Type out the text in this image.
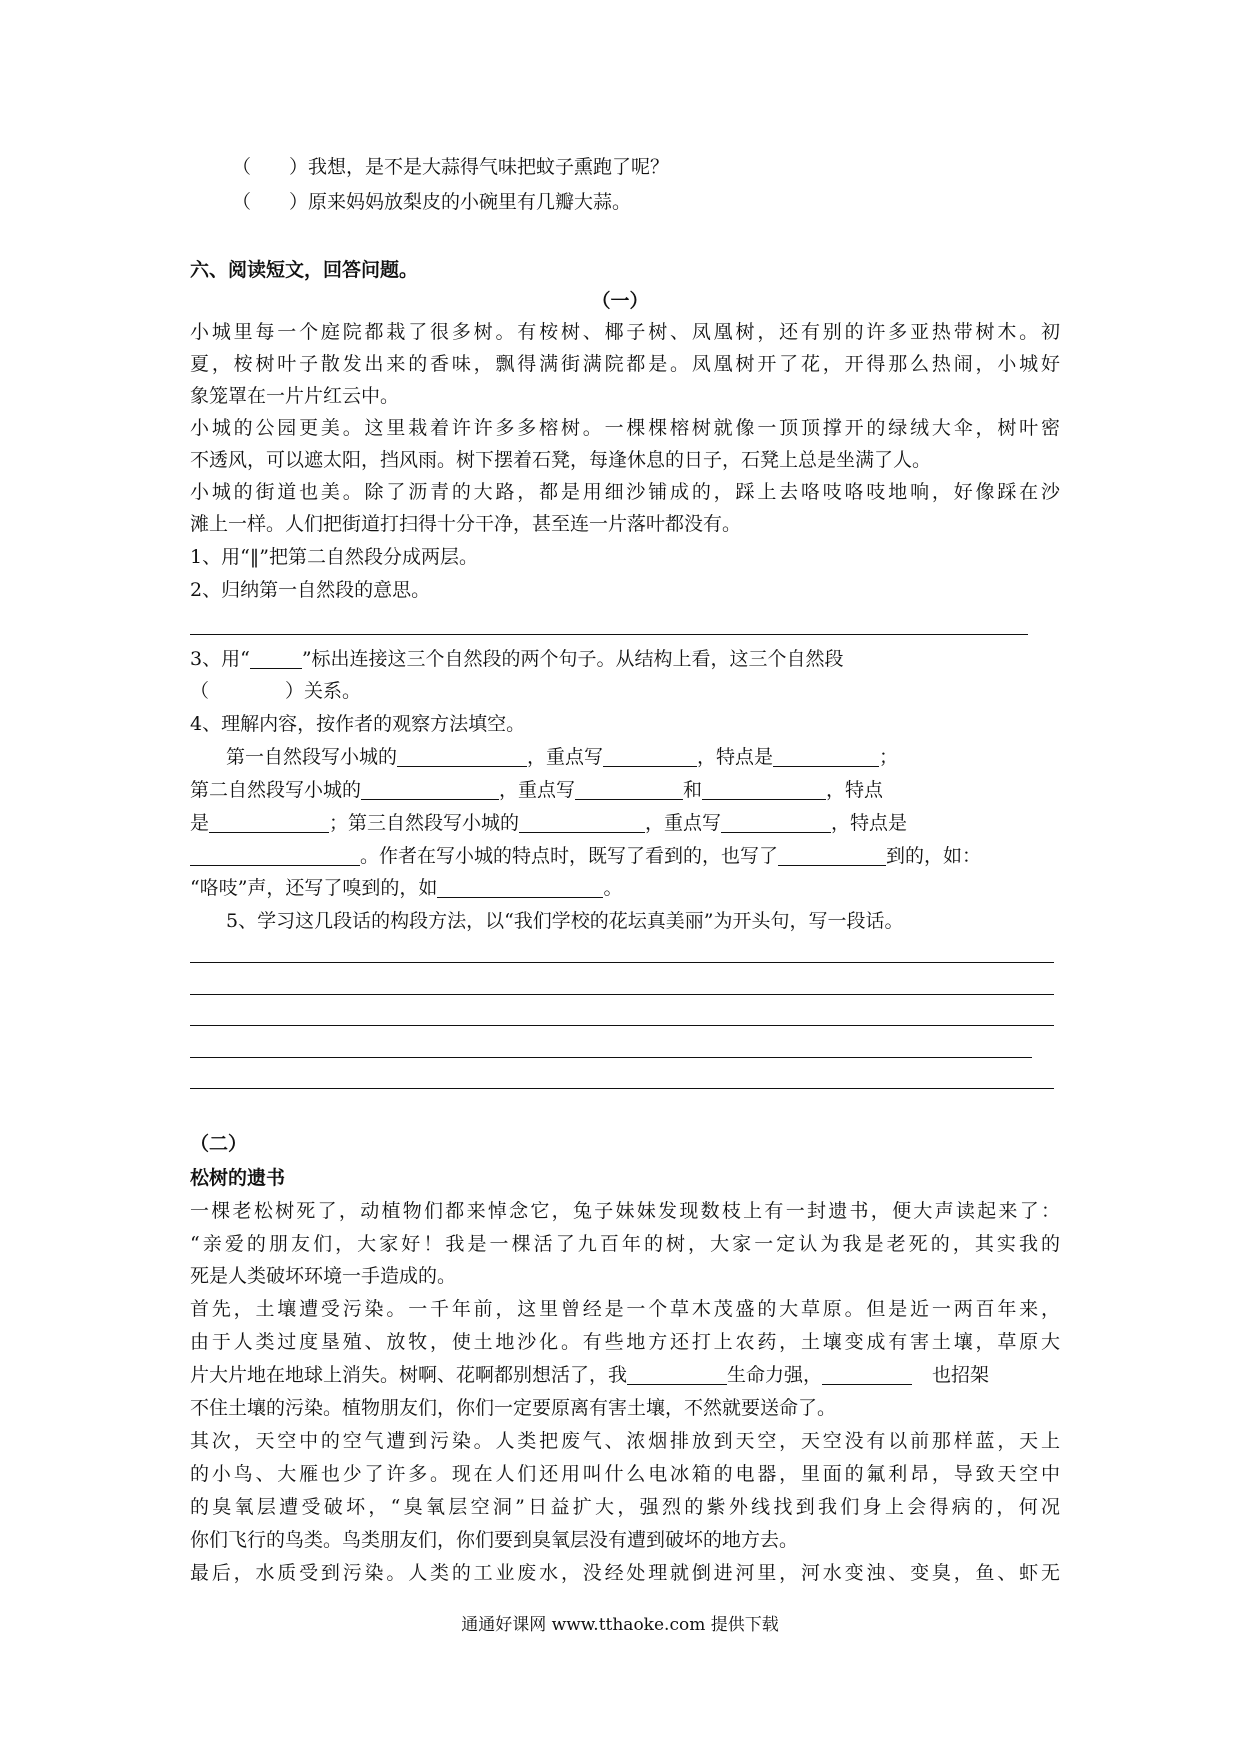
（　　）我想，是不是大蒜得气味把蚊子熏跑了呢？
（　　）原来妈妈放梨皮的小碗里有几瓣大蒜。
六、阅读短文，回答问题。
（一）
小城里每一个庭院都栽了很多树。有桉树、椰子树、凤凰树，还有别的许多亚热带树木。初
夏，桉树叶子散发出来的香味，飘得满街满院都是。凤凰树开了花，开得那么热闹，小城好
象笼罩在一片片红云中。
小城的公园更美。这里栽着许许多多榕树。一棵棵榕树就像一顶顶撑开的绿绒大伞，树叶密
不透风，可以遮太阳，挡风雨。树下摆着石凳，每逢休息的日子，石凳上总是坐满了人。
小城的街道也美。除了沥青的大路，都是用细沙铺成的，踩上去咯吱咯吱地响，好像踩在沙
滩上一样。人们把街道打扫得十分干净，甚至连一片落叶都没有。
1、用“‖”把第二自然段分成两层。
2、归纳第一自然段的意思。
3、用“	”标出连接这三个自然段的两个句子。从结构上看，这三个自然段
（　　　　）关系。
4、理解内容，按作者的观察方法填空。
第一自然段写小城的	，重点写	，特点是	；
第二自然段写小城的	，重点写	和	，特点
是	；第三自然段写小城的	，重点写	，特点是
。作者在写小城的特点时，既写了看到的，也写了	到的，如：
“咯吱”声，还写了嗅到的，如	。
5、学习这几段话的构段方法，以“我们学校的花坛真美丽”为开头句，写一段话。
（二）
松树的遗书
一棵老松树死了，动植物们都来悼念它，兔子妹妹发现数枝上有一封遗书，便大声读起来了：
“亲爱的朋友们，大家好！我是一棵活了九百年的树，大家一定认为我是老死的，其实我的
死是人类破坏环境一手造成的。
首先，土壤遭受污染。一千年前，这里曾经是一个草木茂盛的大草原。但是近一两百年来，
由于人类过度垦殖、放牧，使土地沙化。有些地方还打上农药，土壤变成有害土壤，草原大
片大片地在地球上消失。树啊、花啊都别想活了，我	生命力强，	也招架
不住土壤的污染。植物朋友们，你们一定要原离有害土壤，不然就要送命了。
其次，天空中的空气遭到污染。人类把废气、浓烟排放到天空，天空没有以前那样蓝，天上
的小鸟、大雁也少了许多。现在人们还用叫什么电冰箱的电器，里面的氟利昂，导致天空中
的臭氧层遭受破坏，“臭氧层空洞”日益扩大，强烈的紫外线找到我们身上会得病的，何况
你们飞行的鸟类。鸟类朋友们，你们要到臭氧层没有遭到破坏的地方去。
最后，水质受到污染。人类的工业废水，没经处理就倒进河里，河水变浊、变臭，鱼、虾无
通通好课网 www.tthaoke.com 提供下载
